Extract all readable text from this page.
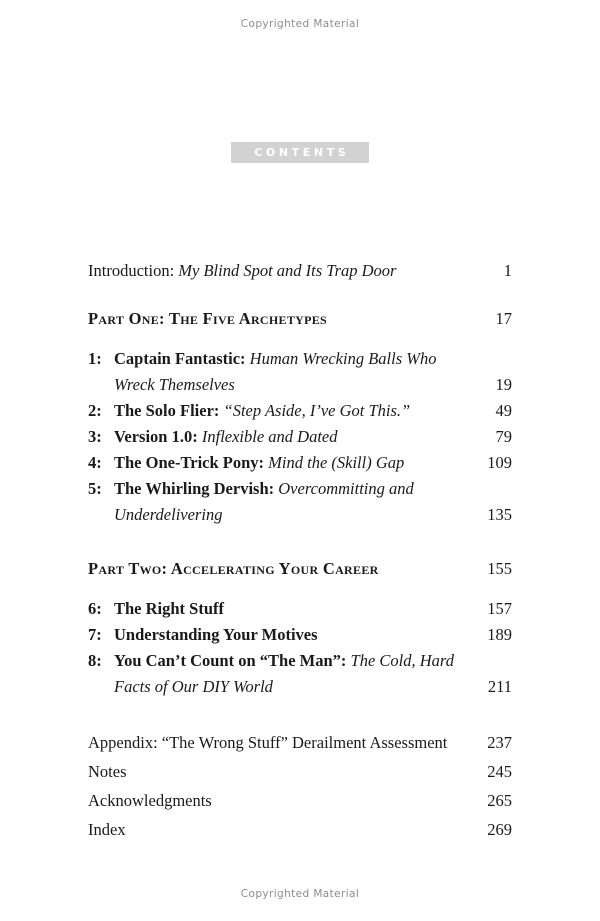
Copyrighted Material
CONTENTS
Introduction: My Blind Spot and Its Trap Door	1
Part One: The Five Archetypes	17
1: Captain Fantastic: Human Wrecking Balls Who
Wreck Themselves	19
2: The Solo Flier: “Step Aside, I’ve Got This.”	49
3: Version 1.0: Inflexible and Dated	79
4: The One-Trick Pony: Mind the (Skill) Gap	109
5: The Whirling Dervish: Overcommitting and
Underdelivering	135
Part Two: Accelerating Your Career	155
6: The Right Stuff	157
7: Understanding Your Motives	189
8: You Can’t Count on “The Man”: The Cold, Hard
Facts of Our DIY World	211
Appendix: “The Wrong Stuff” Derailment Assessment	237
Notes	245
Acknowledgments	265
Index	269
Copyrighted Material
